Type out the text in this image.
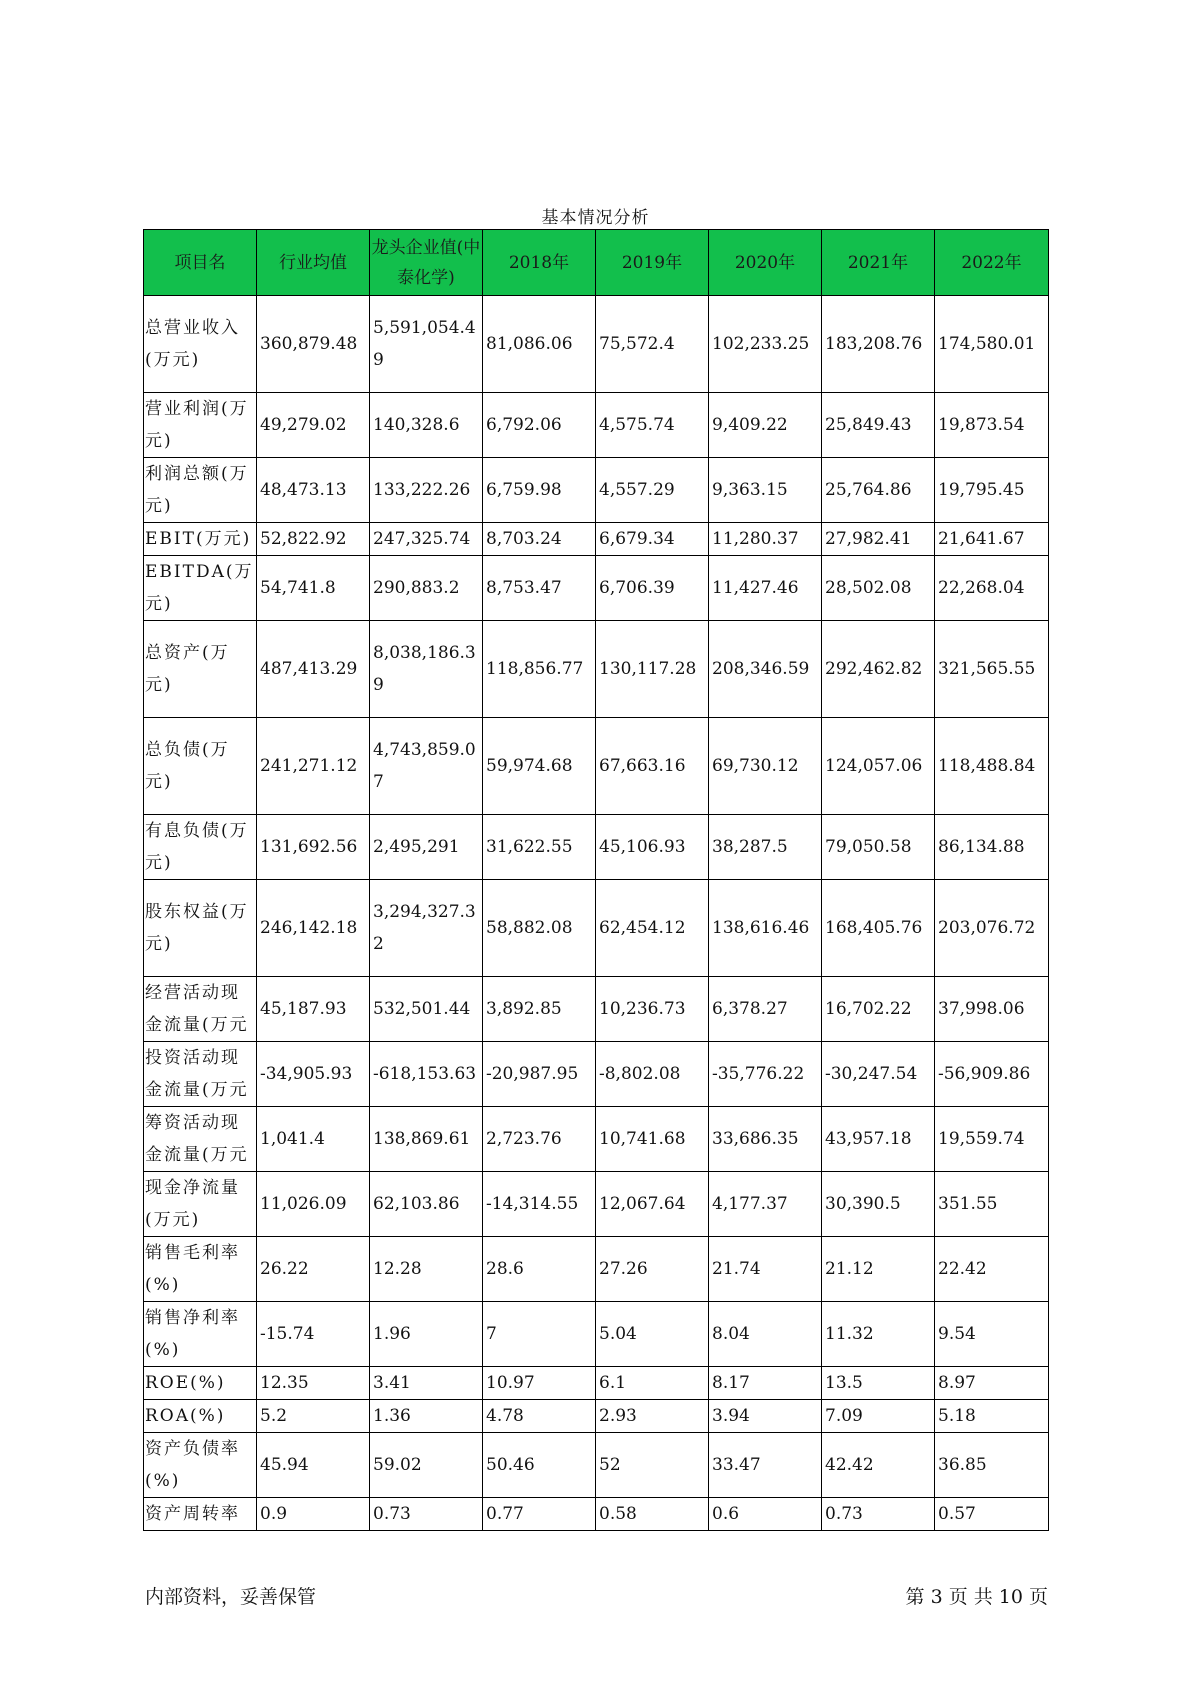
基本情况分析
项目名	行业均值	龙头企业值(中泰化学)	2018年	2019年	2020年	2021年	2022年
总营业收入(万元)	360,879.48	5,591,054.49	81,086.06	75,572.4	102,233.25	183,208.76	174,580.01
营业利润(万元)	49,279.02	140,328.6	6,792.06	4,575.74	9,409.22	25,849.43	19,873.54
利润总额(万元)	48,473.13	133,222.26	6,759.98	4,557.29	9,363.15	25,764.86	19,795.45
EBIT(万元)	52,822.92	247,325.74	8,703.24	6,679.34	11,280.37	27,982.41	21,641.67
EBITDA(万元)	54,741.8	290,883.2	8,753.47	6,706.39	11,427.46	28,502.08	22,268.04
总资产(万元)	487,413.29	8,038,186.39	118,856.77	130,117.28	208,346.59	292,462.82	321,565.55
总负债(万元)	241,271.12	4,743,859.07	59,974.68	67,663.16	69,730.12	124,057.06	118,488.84
有息负债(万元)	131,692.56	2,495,291	31,622.55	45,106.93	38,287.5	79,050.58	86,134.88
股东权益(万元)	246,142.18	3,294,327.32	58,882.08	62,454.12	138,616.46	168,405.76	203,076.72
经营活动现金流量(万元	45,187.93	532,501.44	3,892.85	10,236.73	6,378.27	16,702.22	37,998.06
投资活动现金流量(万元	-34,905.93	-618,153.63	-20,987.95	-8,802.08	-35,776.22	-30,247.54	-56,909.86
筹资活动现金流量(万元	1,041.4	138,869.61	2,723.76	10,741.68	33,686.35	43,957.18	19,559.74
现金净流量(万元)	11,026.09	62,103.86	-14,314.55	12,067.64	4,177.37	30,390.5	351.55
销售毛利率(%)	26.22	12.28	28.6	27.26	21.74	21.12	22.42
销售净利率(%)	-15.74	1.96	7	5.04	8.04	11.32	9.54
ROE(%)	12.35	3.41	10.97	6.1	8.17	13.5	8.97
ROA(%)	5.2	1.36	4.78	2.93	3.94	7.09	5.18
资产负债率(%)	45.94	59.02	50.46	52	33.47	42.42	36.85
资产周转率	0.9	0.73	0.77	0.58	0.6	0.73	0.57
内部资料，妥善保管	第 3 页 共 10 页
